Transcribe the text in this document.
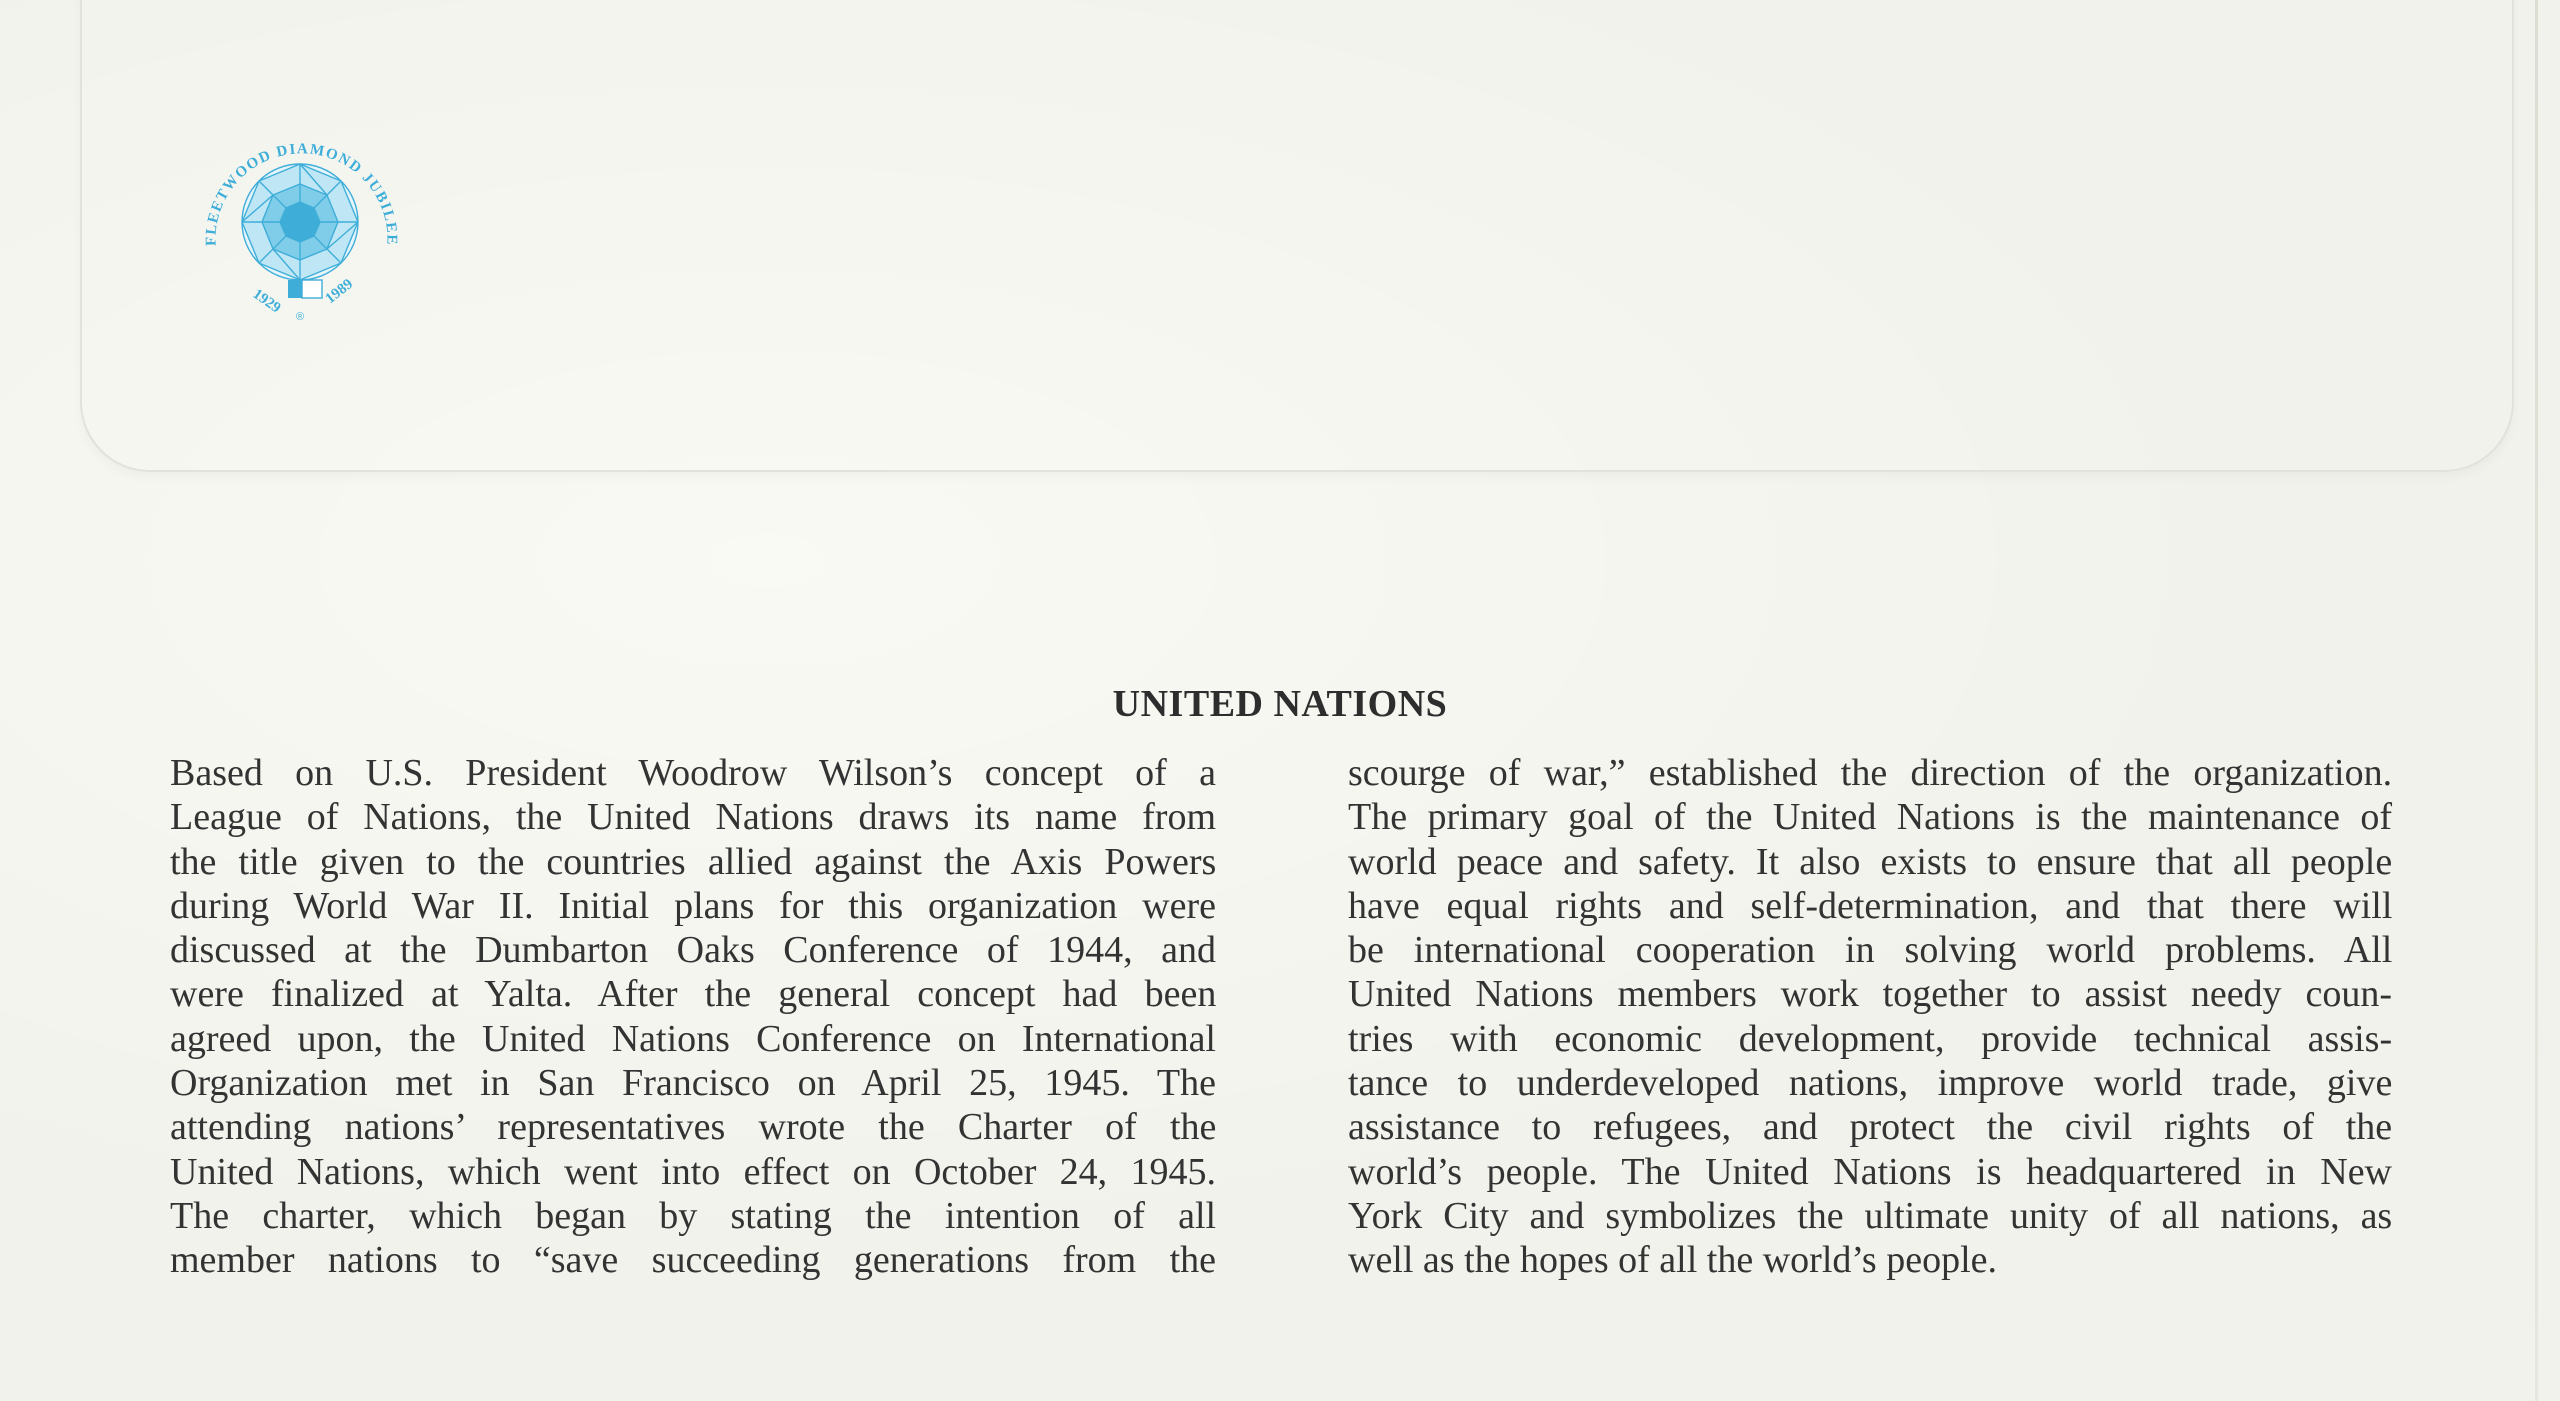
FLEETWOOD DIAMOND JUBILEE
1929	1989
®
UNITED NATIONS
Based on U.S. President Woodrow Wilson’s concept of a
League of Nations, the United Nations draws its name from
the title given to the countries allied against the Axis Powers
during World War II. Initial plans for this organization were
discussed at the Dumbarton Oaks Conference of 1944, and
were finalized at Yalta. After the general concept had been
agreed upon, the United Nations Conference on International
Organization met in San Francisco on April 25, 1945. The
attending nations’ representatives wrote the Charter of the
United Nations, which went into effect on October 24, 1945.
The charter, which began by stating the intention of all
member nations to “save succeeding generations from the
scourge of war,” established the direction of the organization.
The primary goal of the United Nations is the maintenance of
world peace and safety. It also exists to ensure that all people
have equal rights and self-determination, and that there will
be international cooperation in solving world problems. All
United Nations members work together to assist needy coun-
tries with economic development, provide technical assis-
tance to underdeveloped nations, improve world trade, give
assistance to refugees, and protect the civil rights of the
world’s people. The United Nations is headquartered in New
York City and symbolizes the ultimate unity of all nations, as
well as the hopes of all the world’s people.
